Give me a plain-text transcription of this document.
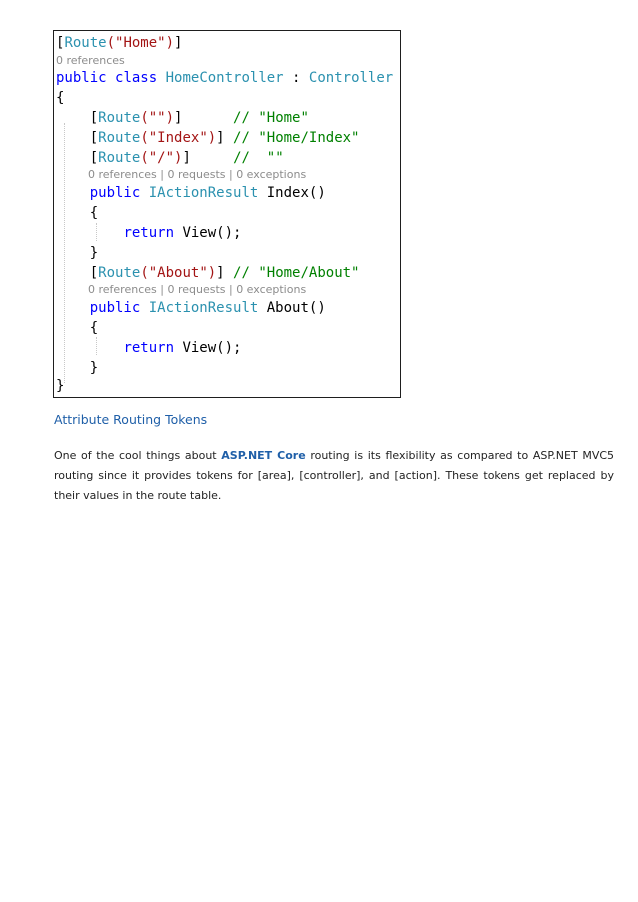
[Route("Home")]
0 references
public class HomeController : Controller
{
[Route("")]	// "Home"
[Route("Index")] // "Home/Index"
[Route("/")]	//  ""
0 references | 0 requests | 0 exceptions
public IActionResult Index()
{
return View();
}
[Route("About")] // "Home/About"
0 references | 0 requests | 0 exceptions
public IActionResult About()
{
return View();
}
}
Attribute Routing Tokens

One of the cool things about ASP.NET Core routing is its flexibility as compared to ASP.NET MVC5 routing since it provides tokens for [area], [controller], and [action]. These tokens get replaced by their values in the route table.
